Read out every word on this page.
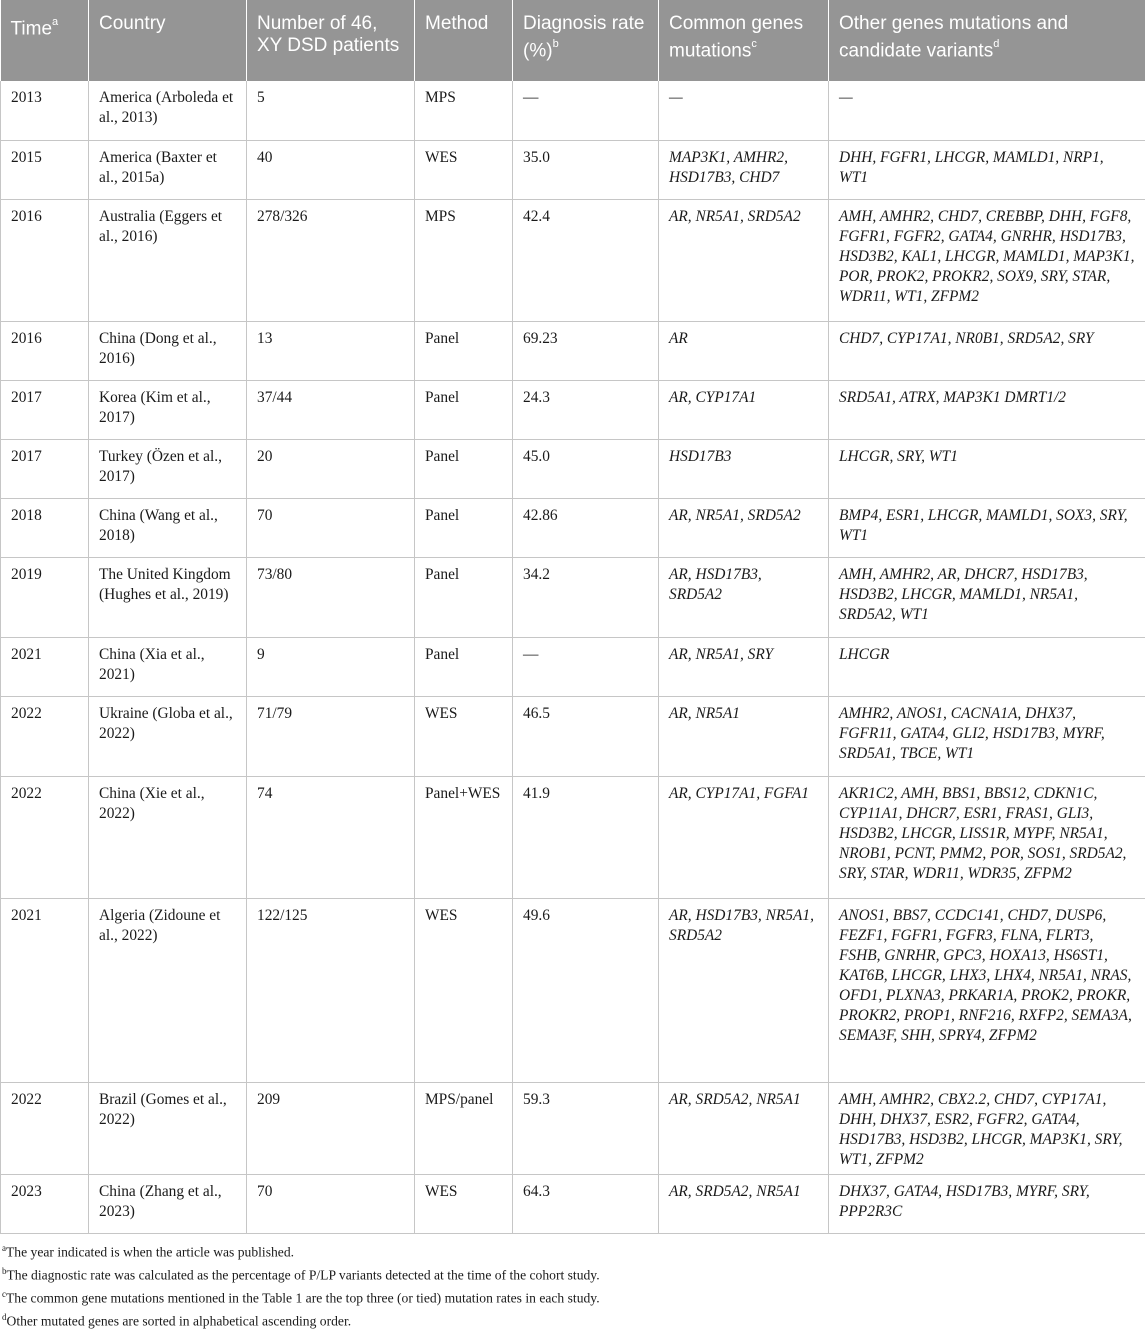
Time$^a$	Country	Number of 46, XY DSD patients	Method	Diagnosis rate (%)$^b$	Common genes mutations$^c$	Other genes mutations and candidate variants$^d$
2013	America (Arboleda et al., 2013)	5	MPS	—	—	—
2015	America (Baxter et al., 2015a)	40	WES	35.0	MAP3K1, AMHR2, HSD17B3, CHD7	DHH, FGFR1, LHCGR, MAMLD1, NRP1, WT1
2016	Australia (Eggers et al., 2016)	278/326	MPS	42.4	AR, NR5A1, SRD5A2	AMH, AMHR2, CHD7, CREBBP, DHH, FGF8, FGFR1, FGFR2, GATA4, GNRHR, HSD17B3, HSD3B2, KAL1, LHCGR, MAMLD1, MAP3K1, POR, PROK2, PROKR2, SOX9, SRY, STAR, WDR11, WT1, ZFPM2
2016	China (Dong et al., 2016)	13	Panel	69.23	AR	CHD7, CYP17A1, NR0B1, SRD5A2, SRY
2017	Korea (Kim et al., 2017)	37/44	Panel	24.3	AR, CYP17A1	SRD5A1, ATRX, MAP3K1 DMRT1/2
2017	Turkey (Özen et al., 2017)	20	Panel	45.0	HSD17B3	LHCGR, SRY, WT1
2018	China (Wang et al., 2018)	70	Panel	42.86	AR, NR5A1, SRD5A2	BMP4, ESR1, LHCGR, MAMLD1, SOX3, SRY, WT1
2019	The United Kingdom (Hughes et al., 2019)	73/80	Panel	34.2	AR, HSD17B3, SRD5A2	AMH, AMHR2, AR, DHCR7, HSD17B3, HSD3B2, LHCGR, MAMLD1, NR5A1, SRD5A2, WT1
2021	China (Xia et al., 2021)	9	Panel	—	AR, NR5A1, SRY	LHCGR
2022	Ukraine (Globa et al., 2022)	71/79	WES	46.5	AR, NR5A1	AMHR2, ANOS1, CACNA1A, DHX37, FGFR11, GATA4, GLI2, HSD17B3, MYRF, SRD5A1, TBCE, WT1
2022	China (Xie et al., 2022)	74	Panel+WES	41.9	AR, CYP17A1, FGFA1	AKR1C2, AMH, BBS1, BBS12, CDKN1C, CYP11A1, DHCR7, ESR1, FRAS1, GLI3, HSD3B2, LHCGR, LISS1R, MYPF, NR5A1, NROB1, PCNT, PMM2, POR, SOS1, SRD5A2, SRY, STAR, WDR11, WDR35, ZFPM2
2021	Algeria (Zidoune et al., 2022)	122/125	WES	49.6	AR, HSD17B3, NR5A1, SRD5A2	ANOS1, BBS7, CCDC141, CHD7, DUSP6, FEZF1, FGFR1, FGFR3, FLNA, FLRT3, FSHB, GNRHR, GPC3, HOXA13, HS6ST1, KAT6B, LHCGR, LHX3, LHX4, NR5A1, NRAS, OFD1, PLXNA3, PRKAR1A, PROK2, PROKR, PROKR2, PROP1, RNF216, RXFP2, SEMA3A, SEMA3F, SHH, SPRY4, ZFPM2
2022	Brazil (Gomes et al., 2022)	209	MPS/panel	59.3	AR, SRD5A2, NR5A1	AMH, AMHR2, CBX2.2, CHD7, CYP17A1, DHH, DHX37, ESR2, FGFR2, GATA4, HSD17B3, HSD3B2, LHCGR, MAP3K1, SRY, WT1, ZFPM2
2023	China (Zhang et al., 2023)	70	WES	64.3	AR, SRD5A2, NR5A1	DHX37, GATA4, HSD17B3, MYRF, SRY, PPP2R3C
$^a$The year indicated is when the article was published.
$^b$The diagnostic rate was calculated as the percentage of P/LP variants detected at the time of the cohort study.
$^c$The common gene mutations mentioned in the Table 1 are the top three (or tied) mutation rates in each study.
$^d$Other mutated genes are sorted in alphabetical ascending order.
